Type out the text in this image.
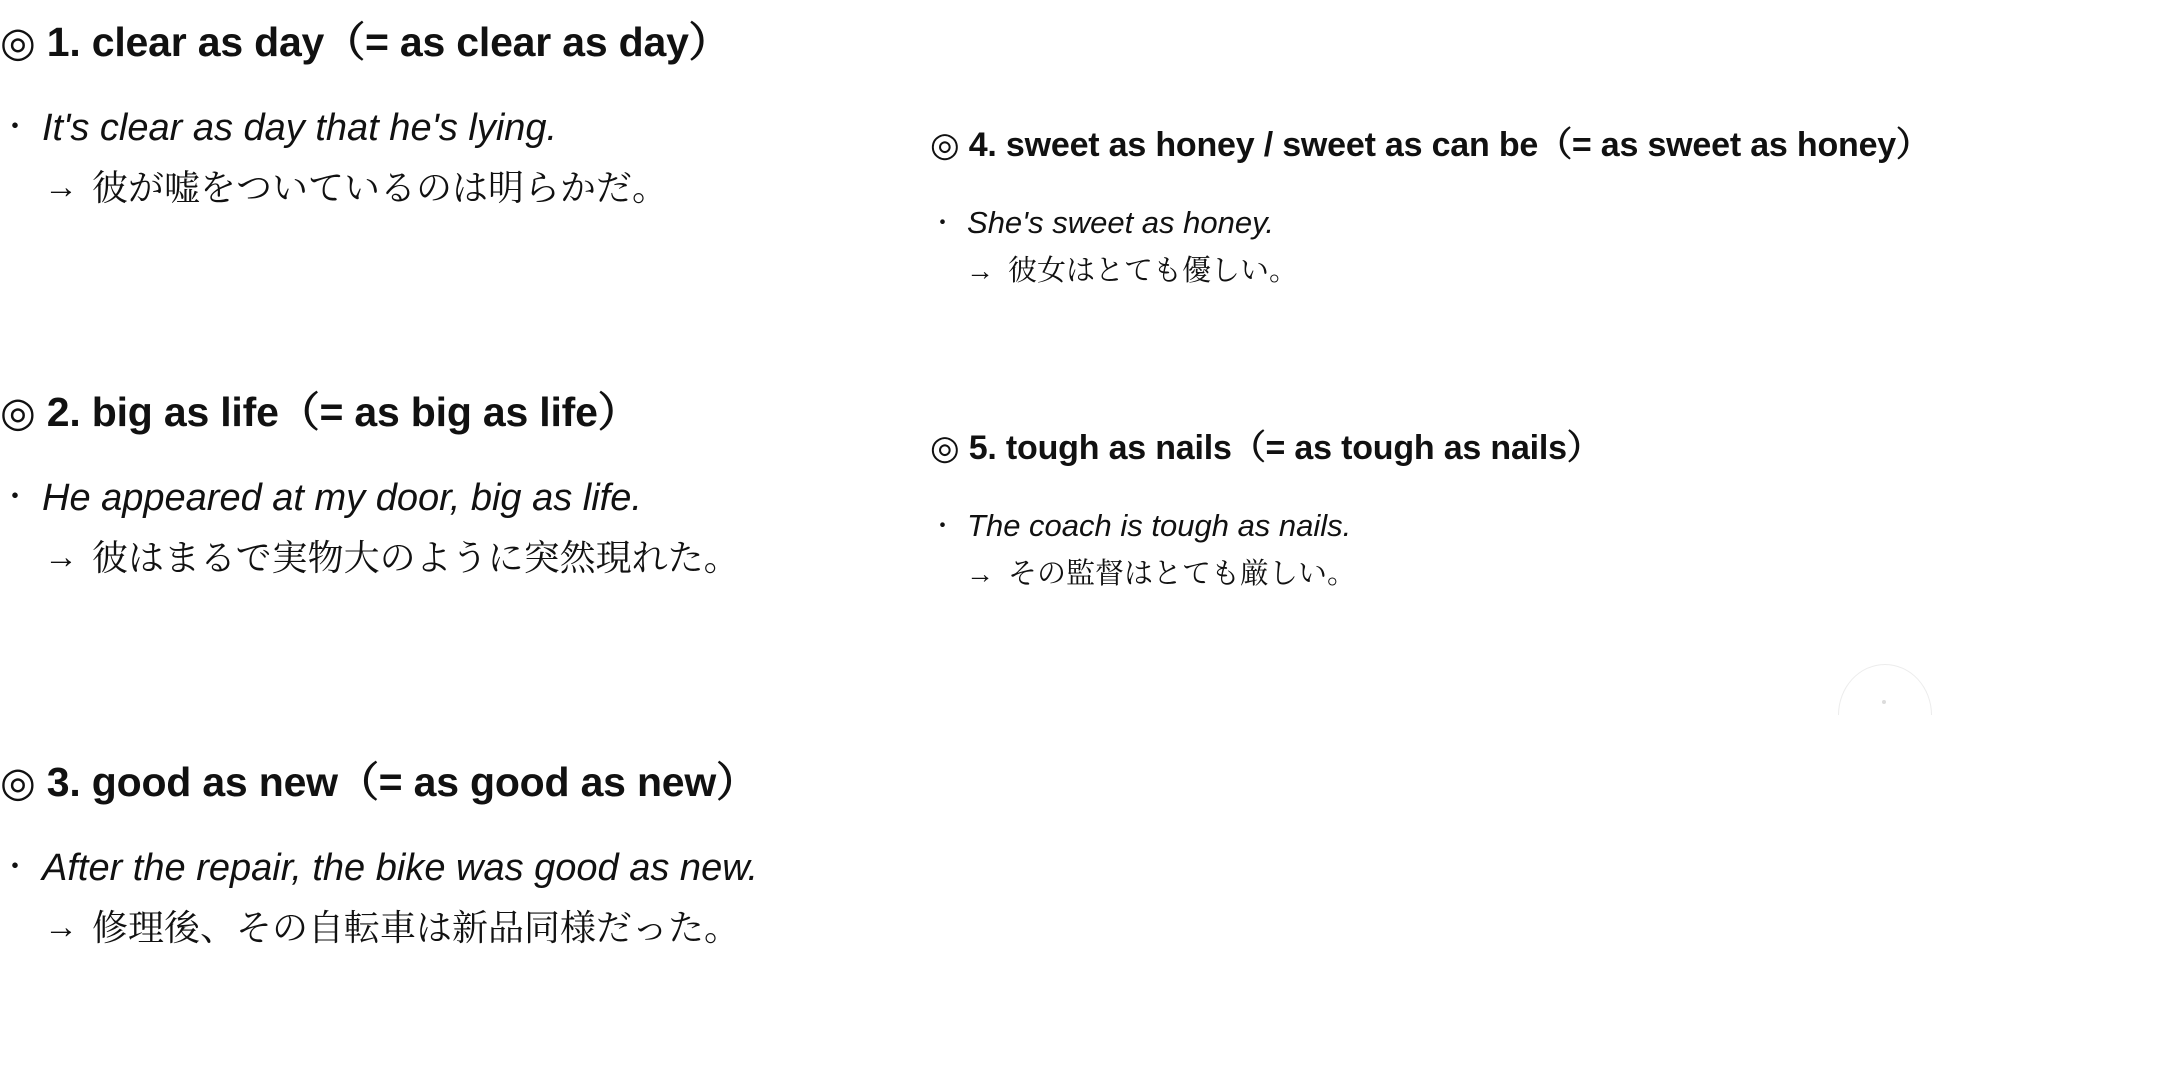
◎ 1. clear as day（= as clear as day）
・ It's clear as day that he's lying.
→ 彼が嘘をついているのは明らかだ。
◎ 2. big as life（= as big as life）
・ He appeared at my door, big as life.
→ 彼はまるで実物大のように突然現れた。
◎ 3. good as new（= as good as new）
・ After the repair, the bike was good as new.
→ 修理後、その自転車は新品同様だった。
◎ 4. sweet as honey / sweet as can be（= as sweet as honey）
・ She's sweet as honey.
→ 彼女はとても優しい。
◎ 5. tough as nails（= as tough as nails）
・ The coach is tough as nails.
→ その監督はとても厳しい。
